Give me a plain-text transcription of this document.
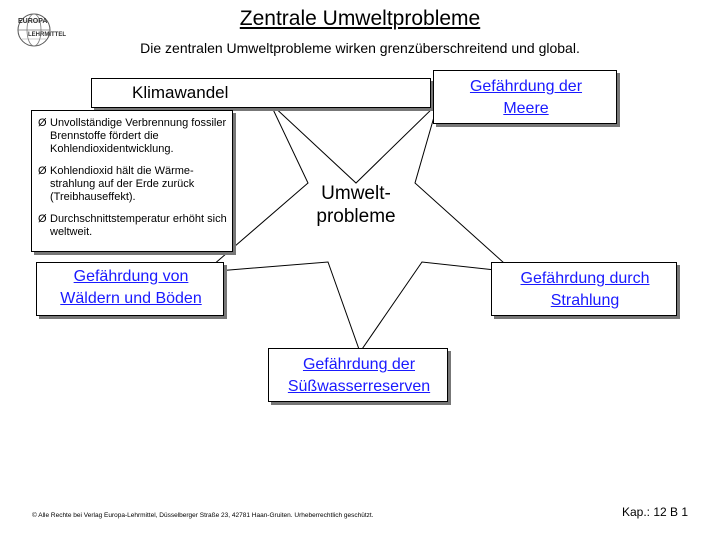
EUROPA
LEHRMITTEL
Zentrale Umweltprobleme
Die zentralen Umweltprobleme wirken grenzüberschreitend und global.
Klimawandel	Gefährdung der
Meere
Ø Unvollständige Verbrennung fossiler Brennstoffe fördert die Kohlendioxidentwicklung.
Ø Kohlendioxid hält die Wärme-strahlung auf der Erde zurück (Treibhauseffekt).
Ø Durchschnittstemperatur erhöht sich weltweit.
Umwelt-
probleme
Gefährdung von
Wäldern und Böden
Gefährdung durch
Strahlung
Gefährdung der
Süßwasserreserven
© Alle Rechte bei Verlag Europa-Lehrmittel, Düsselberger Straße 23, 42781 Haan-Gruiten. Urheberrechtlich geschützt.	Kap.: 12 B 1
